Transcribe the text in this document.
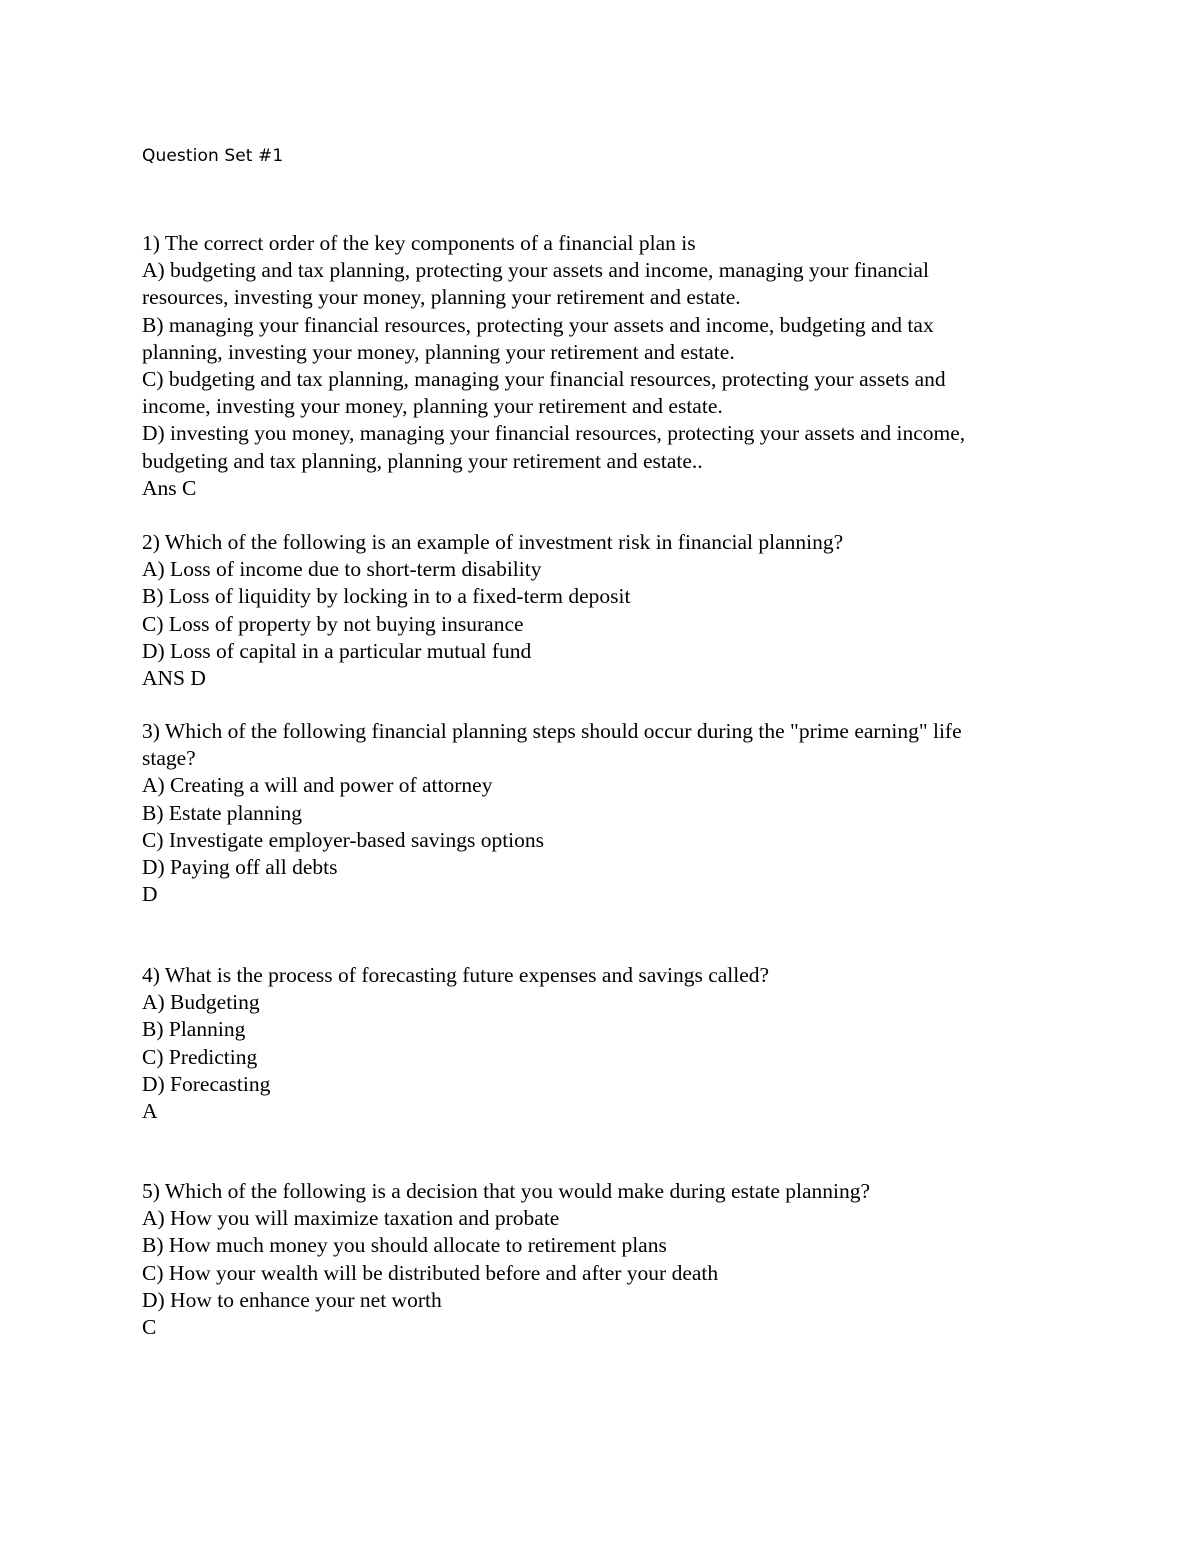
Question Set #1
1) The correct order of the key components of a financial plan is
A) budgeting and tax planning, protecting your assets and income, managing your financial
resources, investing your money, planning your retirement and estate.
B) managing your financial resources, protecting your assets and income, budgeting and tax
planning, investing your money, planning your retirement and estate.
C) budgeting and tax planning, managing your financial resources, protecting your assets and
income, investing your money, planning your retirement and estate.
D) investing you money, managing your financial resources, protecting your assets and income,
budgeting and tax planning, planning your retirement and estate..
Ans C
2) Which of the following is an example of investment risk in financial planning?
A) Loss of income due to short-term disability
B) Loss of liquidity by locking in to a fixed-term deposit
C) Loss of property by not buying insurance
D) Loss of capital in a particular mutual fund
ANS D
3) Which of the following financial planning steps should occur during the "prime earning" life
stage?
A) Creating a will and power of attorney
B) Estate planning
C) Investigate employer-based savings options
D) Paying off all debts
D
4) What is the process of forecasting future expenses and savings called?
A) Budgeting
B) Planning
C) Predicting
D) Forecasting
A
5) Which of the following is a decision that you would make during estate planning?
A) How you will maximize taxation and probate
B) How much money you should allocate to retirement plans
C) How your wealth will be distributed before and after your death
D) How to enhance your net worth
C
